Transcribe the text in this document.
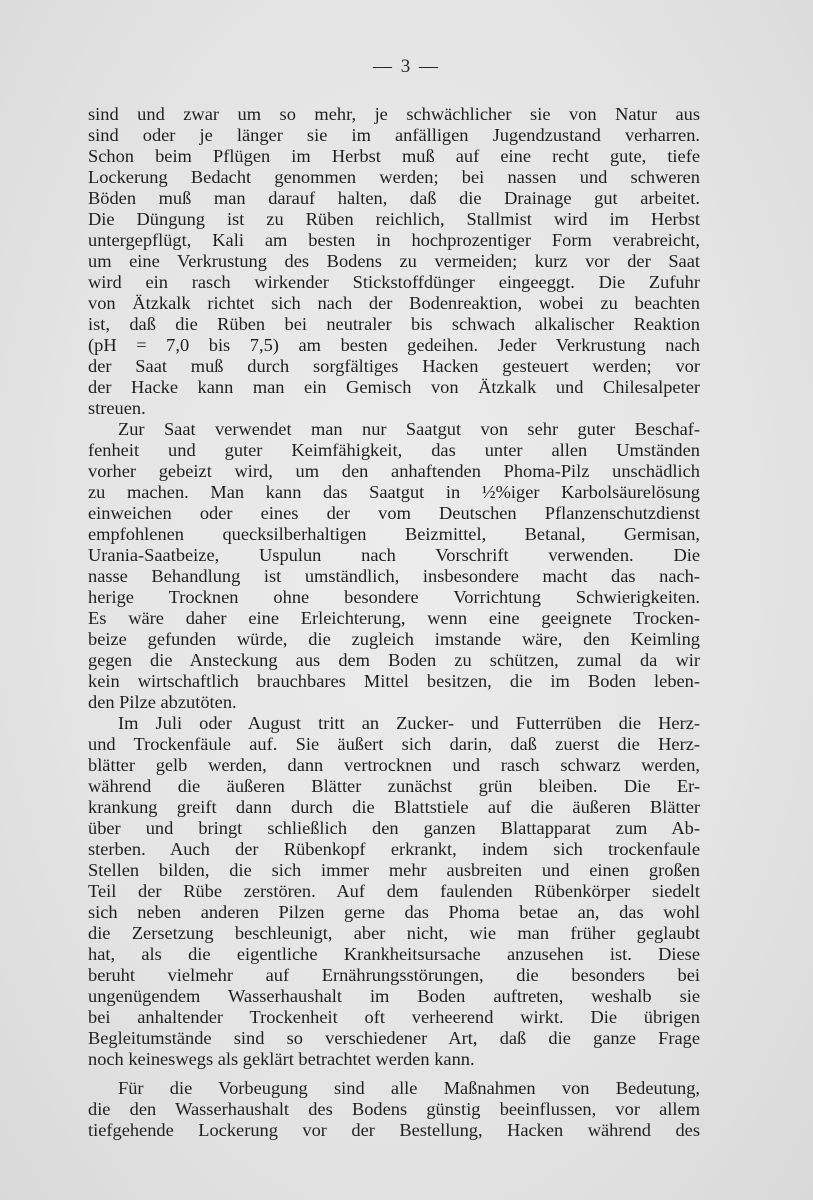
— 3 —
sind und zwar um so mehr, je schwächlicher sie von Natur aus
sind oder je länger sie im anfälligen Jugendzustand verharren.
Schon beim Pflügen im Herbst muß auf eine recht gute, tiefe
Lockerung Bedacht genommen werden; bei nassen und schweren
Böden muß man darauf halten, daß die Drainage gut arbeitet.
Die Düngung ist zu Rüben reichlich, Stallmist wird im Herbst
untergepflügt, Kali am besten in hochprozentiger Form verabreicht,
um eine Verkrustung des Bodens zu vermeiden; kurz vor der Saat
wird ein rasch wirkender Stickstoffdünger eingeeggt. Die Zufuhr
von Ätzkalk richtet sich nach der Bodenreaktion, wobei zu beachten
ist, daß die Rüben bei neutraler bis schwach alkalischer Reaktion
(pH = 7,0 bis 7,5) am besten gedeihen. Jeder Verkrustung nach
der Saat muß durch sorgfältiges Hacken gesteuert werden; vor
der Hacke kann man ein Gemisch von Ätzkalk und Chilesalpeter
streuen.
Zur Saat verwendet man nur Saatgut von sehr guter Beschaf-
fenheit und guter Keimfähigkeit, das unter allen Umständen
vorher gebeizt wird, um den anhaftenden Phoma-Pilz unschädlich
zu machen. Man kann das Saatgut in ½%iger Karbolsäurelösung
einweichen oder eines der vom Deutschen Pflanzenschutzdienst
empfohlenen quecksilberhaltigen Beizmittel, Betanal, Germisan,
Urania-Saatbeize, Uspulun nach Vorschrift verwenden. Die
nasse Behandlung ist umständlich, insbesondere macht das nach-
herige Trocknen ohne besondere Vorrichtung Schwierigkeiten.
Es wäre daher eine Erleichterung, wenn eine geeignete Trocken-
beize gefunden würde, die zugleich imstande wäre, den Keimling
gegen die Ansteckung aus dem Boden zu schützen, zumal da wir
kein wirtschaftlich brauchbares Mittel besitzen, die im Boden leben-
den Pilze abzutöten.
Im Juli oder August tritt an Zucker- und Futterrüben die Herz-
und Trockenfäule auf. Sie äußert sich darin, daß zuerst die Herz-
blätter gelb werden, dann vertrocknen und rasch schwarz werden,
während die äußeren Blätter zunächst grün bleiben. Die Er-
krankung greift dann durch die Blattstiele auf die äußeren Blätter
über und bringt schließlich den ganzen Blattapparat zum Ab-
sterben. Auch der Rübenkopf erkrankt, indem sich trockenfaule
Stellen bilden, die sich immer mehr ausbreiten und einen großen
Teil der Rübe zerstören. Auf dem faulenden Rübenkörper siedelt
sich neben anderen Pilzen gerne das Phoma betae an, das wohl
die Zersetzung beschleunigt, aber nicht, wie man früher geglaubt
hat, als die eigentliche Krankheitsursache anzusehen ist. Diese
beruht vielmehr auf Ernährungsstörungen, die besonders bei
ungenügendem Wasserhaushalt im Boden auftreten, weshalb sie
bei anhaltender Trockenheit oft verheerend wirkt. Die übrigen
Begleitumstände sind so verschiedener Art, daß die ganze Frage
noch keineswegs als geklärt betrachtet werden kann.
Für die Vorbeugung sind alle Maßnahmen von Bedeutung,
die den Wasserhaushalt des Bodens günstig beeinflussen, vor allem
tiefgehende Lockerung vor der Bestellung, Hacken während des
